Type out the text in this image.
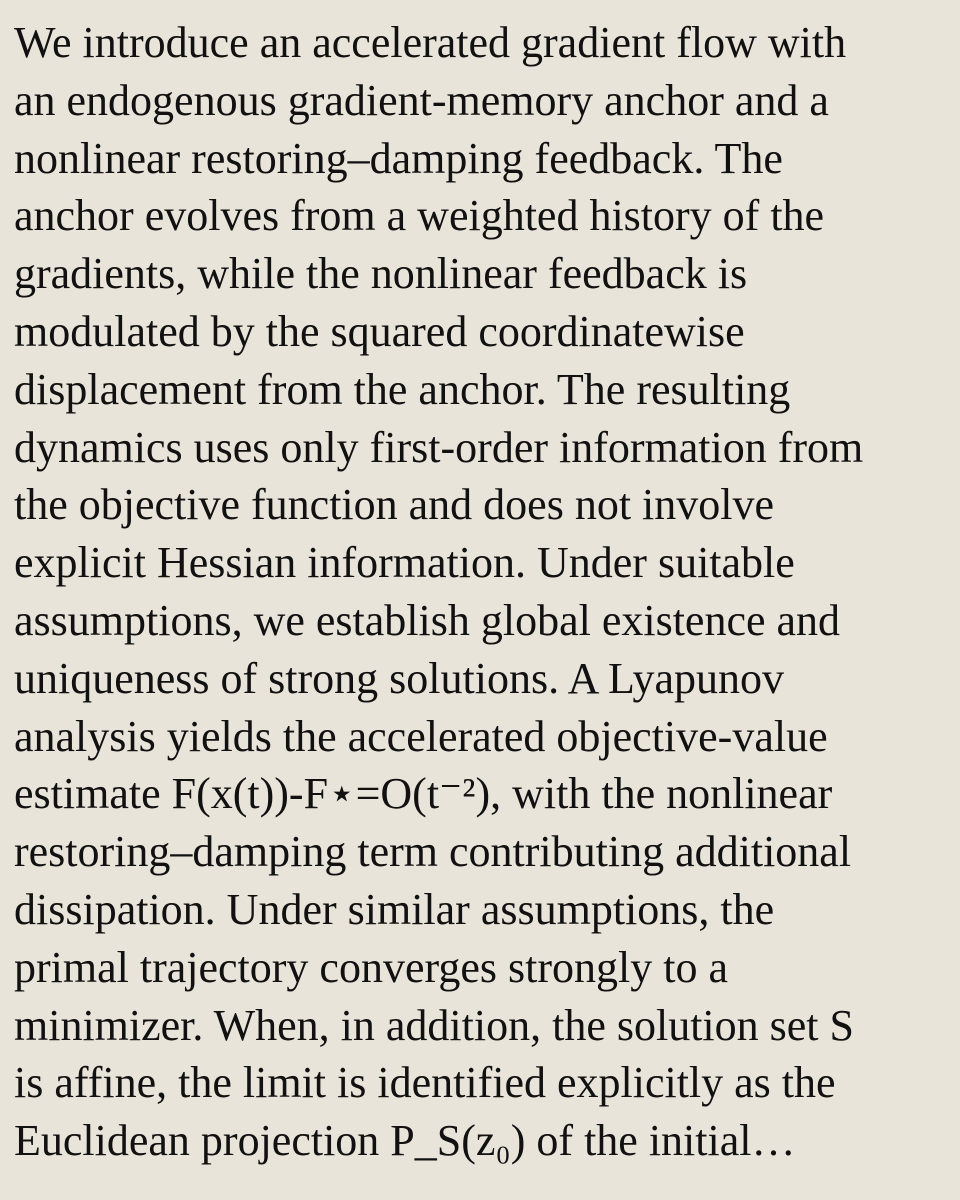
We introduce an accelerated gradient flow with
an endogenous gradient-memory anchor and a
nonlinear restoring–damping feedback. The
anchor evolves from a weighted history of the
gradients, while the nonlinear feedback is
modulated by the squared coordinatewise
displacement from the anchor. The resulting
dynamics uses only first-order information from
the objective function and does not involve
explicit Hessian information. Under suitable
assumptions, we establish global existence and
uniqueness of strong solutions. A Lyapunov
analysis yields the accelerated objective-value
estimate F(x(t))-F⋆=O(t⁻²), with the nonlinear
restoring–damping term contributing additional
dissipation. Under similar assumptions, the
primal trajectory converges strongly to a
minimizer. When, in addition, the solution set S
is affine, the limit is identified explicitly as the
Euclidean projection P_S(z₀) of the initial…
